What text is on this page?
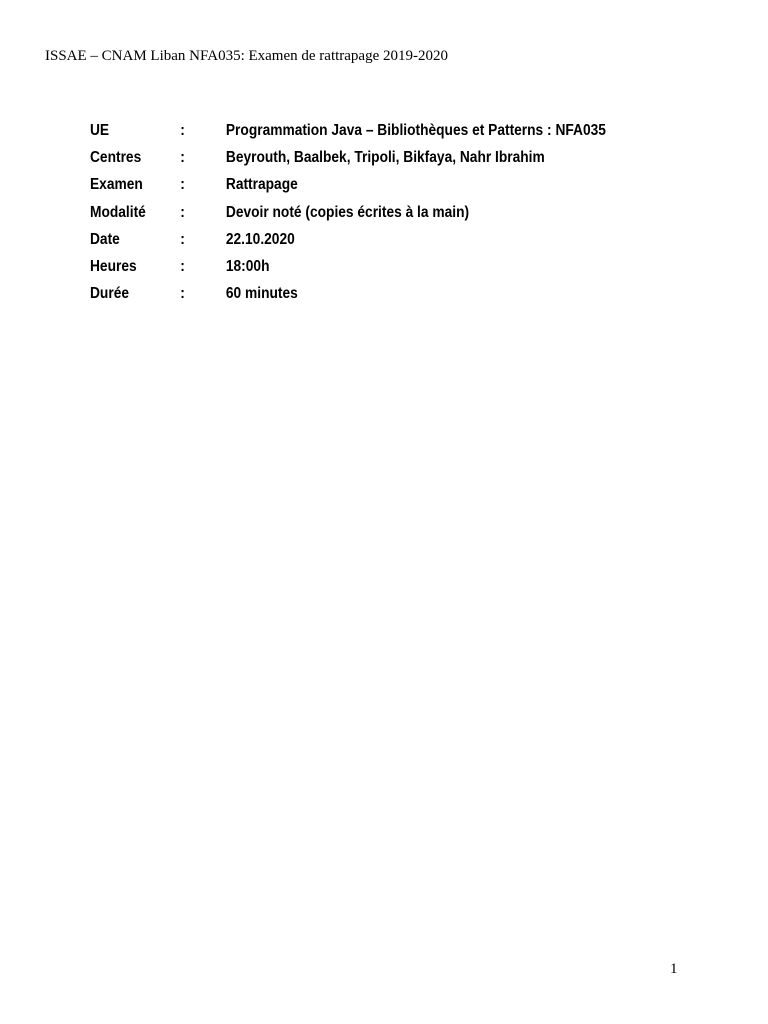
ISSAE – CNAM Liban NFA035: Examen de rattrapage 2019-2020
UE	:	Programmation Java – Bibliothèques et Patterns : NFA035
Centres	:	Beyrouth, Baalbek, Tripoli, Bikfaya, Nahr Ibrahim
Examen	:	Rattrapage
Modalité	:	Devoir noté (copies écrites à la main)
Date	:	22.10.2020
Heures	:	18:00h
Durée	:	60 minutes
1
